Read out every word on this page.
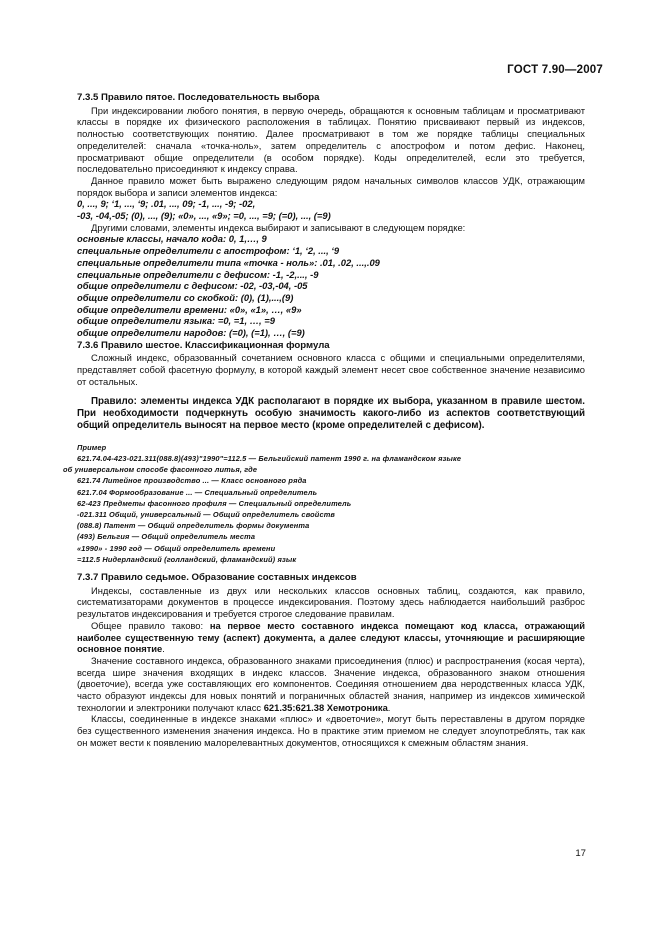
ГОСТ 7.90—2007

7.3.5 Правило пятое. Последовательность выбора

При индексировании любого понятия, в первую очередь, обращаются к основным таблицам и просматривают классы в порядке их физического расположения в таблицах. Понятию присваивают первый из индексов, полностью соответствующих понятию. Далее просматривают в том же порядке таблицы специальных определителей: сначала «точка-ноль», затем определитель с апострофом и потом дефис. Наконец, просматривают общие определители (в особом порядке). Коды определителей, если это требуется, последовательно присоединяют к индексу справа.

Данное правило может быть выражено следующим рядом начальных символов классов УДК, отражающим порядок выбора и записи элементов индекса:

0, ..., 9; ‘1, ..., ‘9; .01, ..., 09; -1, ..., -9; -02,

-03, -04,-05; (0), ..., (9); «0», ..., «9»; =0, ..., =9; (=0), ..., (=9)

Другими словами, элементы индекса выбирают и записывают в следующем порядке:

основные классы, начало кода: 0, 1,…, 9

специальные определители с апострофом: ‘1, ‘2, ..., ‘9

специальные определители типа «точка - ноль»: .01, .02, ...,.09

специальные определители с дефисом: -1, -2,..., -9

общие определители с дефисом: -02, -03,-04, -05

общие определители со скобкой: (0), (1),...,(9)

общие определители времени: «0», «1», …, «9»

общие определители языка: =0, =1, …, =9

общие определители народов: (=0), (=1), …, (=9)

7.3.6 Правило шестое. Классификационная формула

Сложный индекс, образованный сочетанием основного класса с общими и специальными определителями, представляет собой фасетную формулу, в которой каждый элемент несет свое собственное значение независимо от остальных.

Правило: элементы индекса УДК располагают в порядке их выбора, указанном в правиле шестом. При необходимости подчеркнуть особую значимость какого-либо из аспектов соответствующий общий определитель выносят на первое место (кроме определителей с дефисом).

Пример

621.74.04-423-021.311(088.8)(493)"1990"=112.5 — Бельгийский патент 1990 г. на фламандском языке

об универсальном способе фасонного литья, где

621.74 Литейное производство ... — Класс основного ряда

621.7.04 Формообразование ... — Специальный определитель

62-423 Предметы фасонного профиля — Специальный определитель

-021.311 Общий, универсальный — Общий определитель свойств

(088.8) Патент — Общий определитель формы документа

(493) Бельгия — Общий определитель места

«1990» - 1990 год — Общий определитель времени

=112.5 Нидерландский (голландский, фламандский) язык

7.3.7 Правило седьмое. Образование составных индексов

Индексы, составленные из двух или нескольких классов основных таблиц, создаются, как правило, систематизаторами документов в процессе индексирования. Поэтому здесь наблюдается наибольший разброс результатов индексирования и требуется строгое следование правилам.

Общее правило таково: на первое место составного индекса помещают код класса, отражающий наиболее существенную тему (аспект) документа, а далее следуют классы, уточняющие и расширяющие основное понятие.

Значение составного индекса, образованного знаками присоединения (плюс) и распространения (косая черта), всегда шире значения входящих в индекс классов. Значение индекса, образованного знаком отношения (двоеточие), всегда уже составляющих его компонентов. Соединяя отношением два неродственных класса УДК, часто образуют индексы для новых понятий и пограничных областей знания, например из индексов химической технологии и электроники получают класс 621.35:621.38 Хемотроника.

Классы, соединенные в индексе знаками «плюс» и «двоеточие», могут быть переставлены в другом порядке без существенного изменения значения индекса. Но в практике этим приемом не следует злоупотреблять, так как он может вести к появлению малорелевантных документов, относящихся к смежным областям знания.

17
